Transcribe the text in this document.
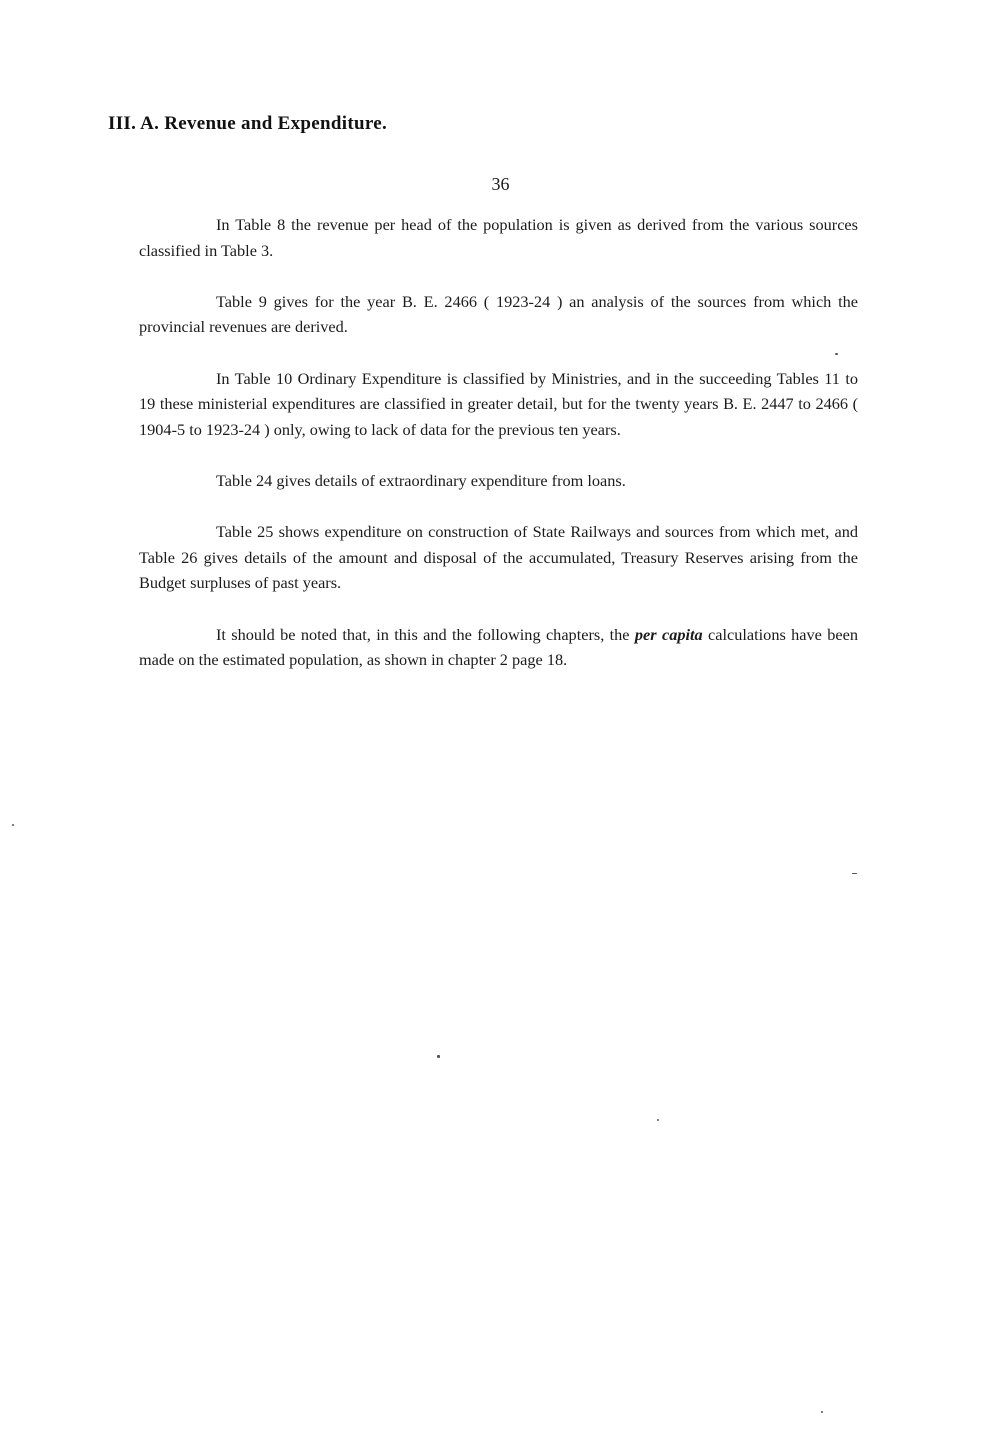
III. A. Revenue and Expenditure.
36

In Table 8 the revenue per head of the population is given as derived from the various sources classified in Table 3.

Table 9 gives for the year B. E. 2466 ( 1923-24 ) an analysis of the sources from which the provincial revenues are derived.

In Table 10 Ordinary Expenditure is classified by Ministries, and in the succeeding Tables 11 to 19 these ministerial expenditures are classified in greater detail, but for the twenty years B. E. 2447 to 2466 ( 1904-5 to 1923-24 ) only, owing to lack of data for the previous ten years.

Table 24 gives details of extraordinary expenditure from loans.

Table 25 shows expenditure on construction of State Railways and sources from which met, and Table 26 gives details of the amount and disposal of the accumulated, Treasury Reserves arising from the Budget surpluses of past years.

It should be noted that, in this and the following chapters, the per capita calculations have been made on the estimated population, as shown in chapter 2 page 18.
